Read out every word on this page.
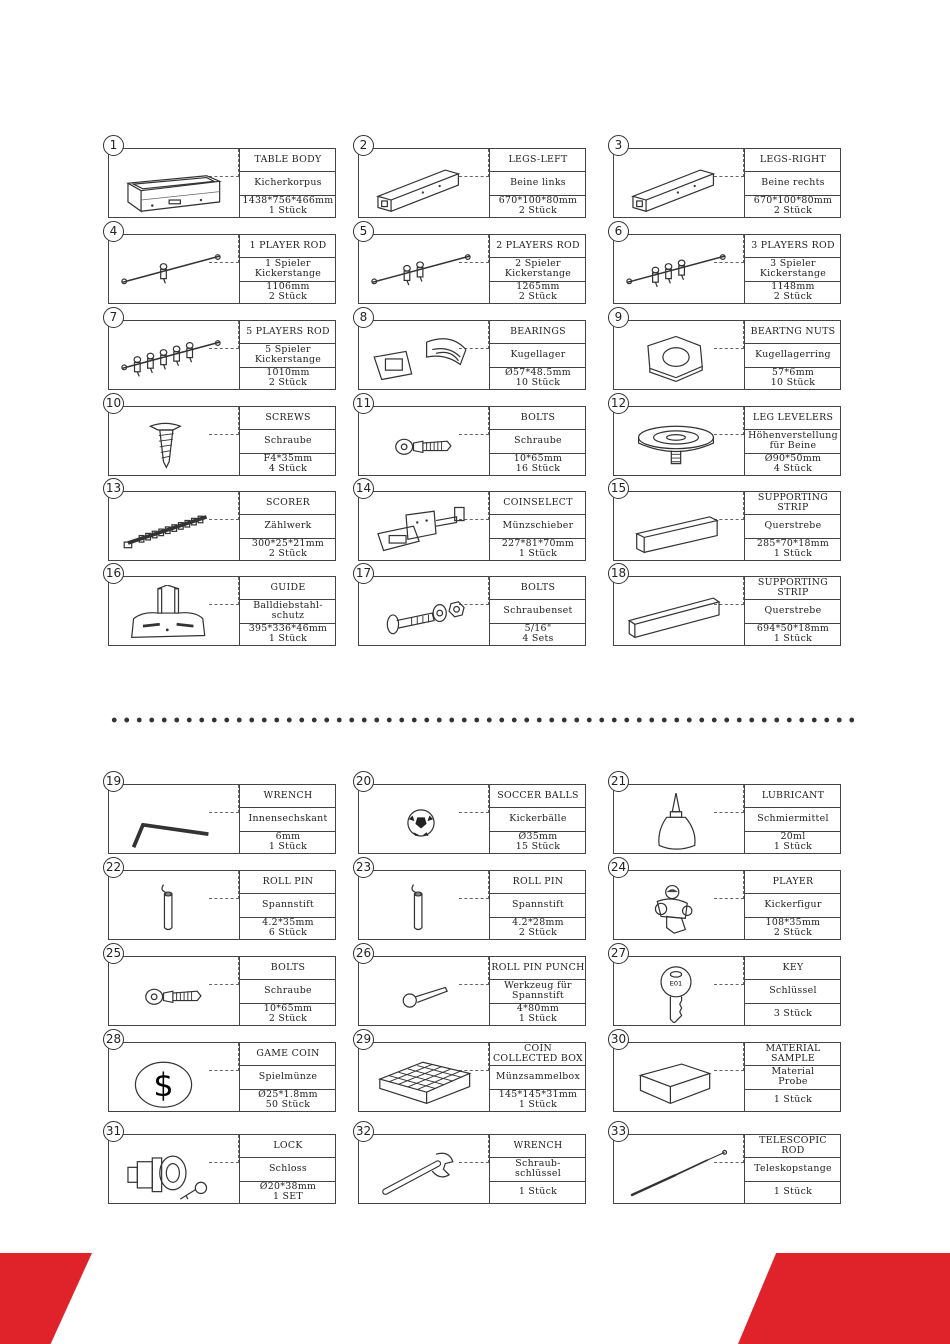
1
TABLE BODY
Kicherkorpus
1438*756*466mm
1 Stück
2
LEGS-LEFT
Beine links
670*100*80mm
2 Stück
3
LEGS-RIGHT
Beine rechts
670*100*80mm
2 Stück
4
1 PLAYER ROD
1 Spieler
Kickerstange
1106mm
2 Stück
5
2 PLAYERS ROD
2 Spieler
Kickerstange
1265mm
2 Stück
6
3 PLAYERS ROD
3 Spieler
Kickerstange
1148mm
2 Stück
7
5 PLAYERS ROD
5 Spieler
Kickerstange
1010mm
2 Stück
8
BEARINGS
Kugellager
Ø57*48.5mm
10 Stück
9
BEARTNG NUTS
Kugellagerring
57*6mm
10 Stück
10
SCREWS
Schraube
F4*35mm
4 Stück
11
BOLTS
Schraube
10*65mm
16 Stück
12
LEG LEVELERS
Höhenverstellung
für Beine
Ø90*50mm
4 Stück
13
SCORER
Zählwerk
300*25*21mm
2 Stück
14
COINSELECT
Münzschieber
227*81*70mm
1 Stück
15
SUPPORTING
STRIP
Querstrebe
285*70*18mm
1 Stück
16
GUIDE
Balldiebstahl-
schutz
395*336*46mm
1 Stück
17
BOLTS
Schraubenset
5/16"
4 Sets
18
SUPPORTING
STRIP
Querstrebe
694*50*18mm
1 Stück
19
WRENCH
Innensechskant
6mm
1 Stück
20
SOCCER BALLS
Kickerbälle
Ø35mm
15 Stück
21
LUBRICANT
Schmiermittel
20ml
1 Stück
22
ROLL PIN
Spannstift
4.2*35mm
6 Stück
23
ROLL PIN
Spannstift
4.2*28mm
2 Stück
24
PLAYER
Kickerfigur
108*35mm
2 Stück
25
BOLTS
Schraube
10*65mm
2 Stück
26
ROLL PIN PUNCH
Werkzeug für
Spannstift
4*80mm
1 Stück
27
E01
KEY
Schlüssel
3 Stück
28
$
GAME COIN
Spielmünze
Ø25*1.8mm
50 Stück
29
COIN
COLLECTED BOX
Münzsammelbox
145*145*31mm
1 Stück
30
MATERIAL
SAMPLE
Material
Probe
1 Stück
31
LOCK
Schloss
Ø20*38mm
1 SET
32
WRENCH
Schraub-
schlüssel
1 Stück
33
TELESCOPIC
ROD
Teleskopstange
1 Stück
